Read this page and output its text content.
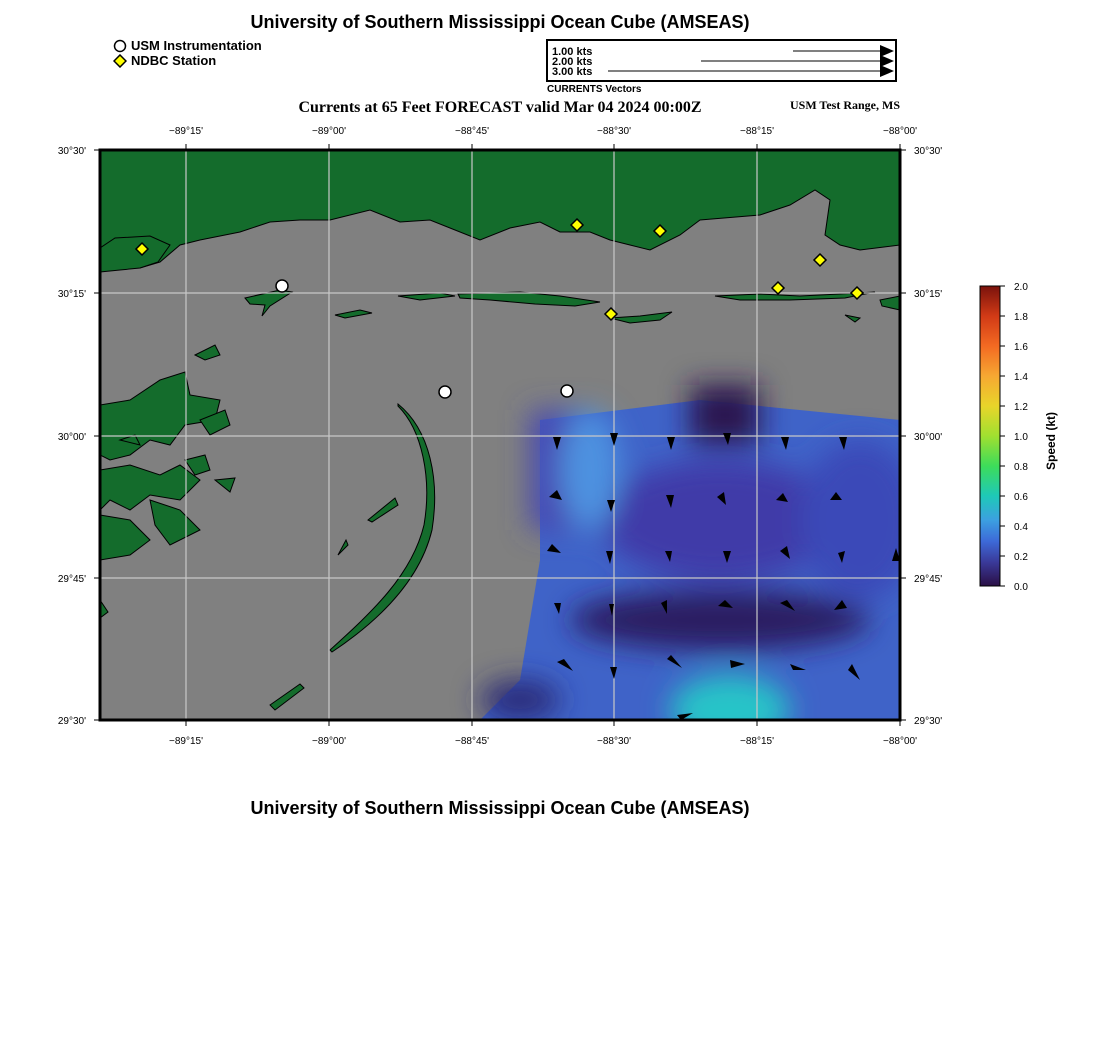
University of Southern Mississippi Ocean Cube (AMSEAS)
USM Instrumentation
NDBC Station
1.00 kts
2.00 kts
3.00 kts
CURRENTS Vectors
Currents at 65 Feet FORECAST valid Mar 04 2024 00:00Z	USM Test Range, MS
−89°15'	−89°00'	−88°45'	−88°30'	−88°15'	−88°00'
−89°15'	−89°00'	−88°45'	−88°30'	−88°15'	−88°00'
30°30'
30°15'
30°00'
29°45'
29°30'
30°30'
30°15'
30°00'
29°45'
29°30'
2.0
1.8
1.6
1.4
1.2
1.0
0.8
0.6
0.4
0.2
0.0
Speed (kt)
University of Southern Mississippi Ocean Cube (AMSEAS)
